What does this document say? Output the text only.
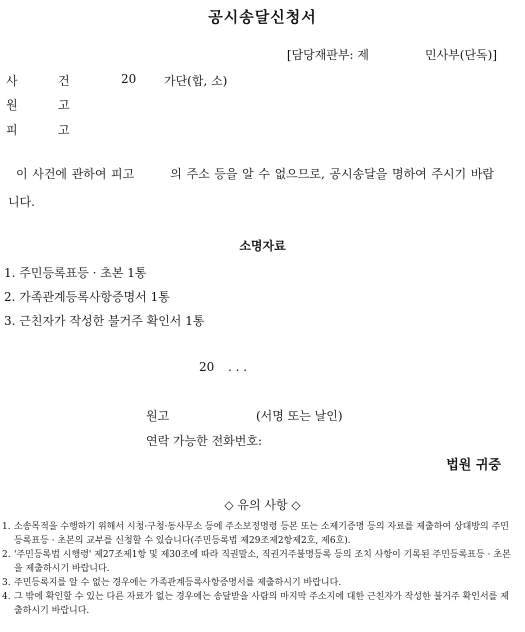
공시송달신청서
[담당재판부: 제	민사부(단독)]
사	건	20 가단(합, 소)
원	고
피	고
이 사건에 관하여 피고	의 주소 등을 알 수 없으므로, 공시송달을 명하여 주시기 바랍니다.
소명자료
1. 주민등록표등 · 초본 1통
2. 가족관계등록사항증명서 1통
3. 근친자가 작성한 불거주 확인서 1통
20 . . .
원고	(서명 또는 날인)
연락 가능한 전화번호:
법원 귀중
◇ 유의 사항 ◇
1. 소송목적을 수행하기 위해서 시청·구청·동사무소 등에 주소보정명령 등본 또는 소제기증명 등의 자료를 제출하여 상대방의 주민등록표등 · 초본의 교부를 신청할 수 있습니다(주민등록법 제29조제2항제2호, 제6호).
2. '주민등록법 시행령' 제27조제1항 및 제30조에 따라 직권말소, 직권거주불명등록 등의 조치 사항이 기록된 주민등록표등 · 초본을 제출하시기 바랍니다.
3. 주민등록지를 알 수 없는 경우에는 가족관계등록사항증명서를 제출하시기 바랍니다.
4. 그 밖에 확인할 수 있는 다른 자료가 없는 경우에는 송달받을 사람의 마지막 주소지에 대한 근친자가 작성한 불거주 확인서를 제출하시기 바랍니다.
